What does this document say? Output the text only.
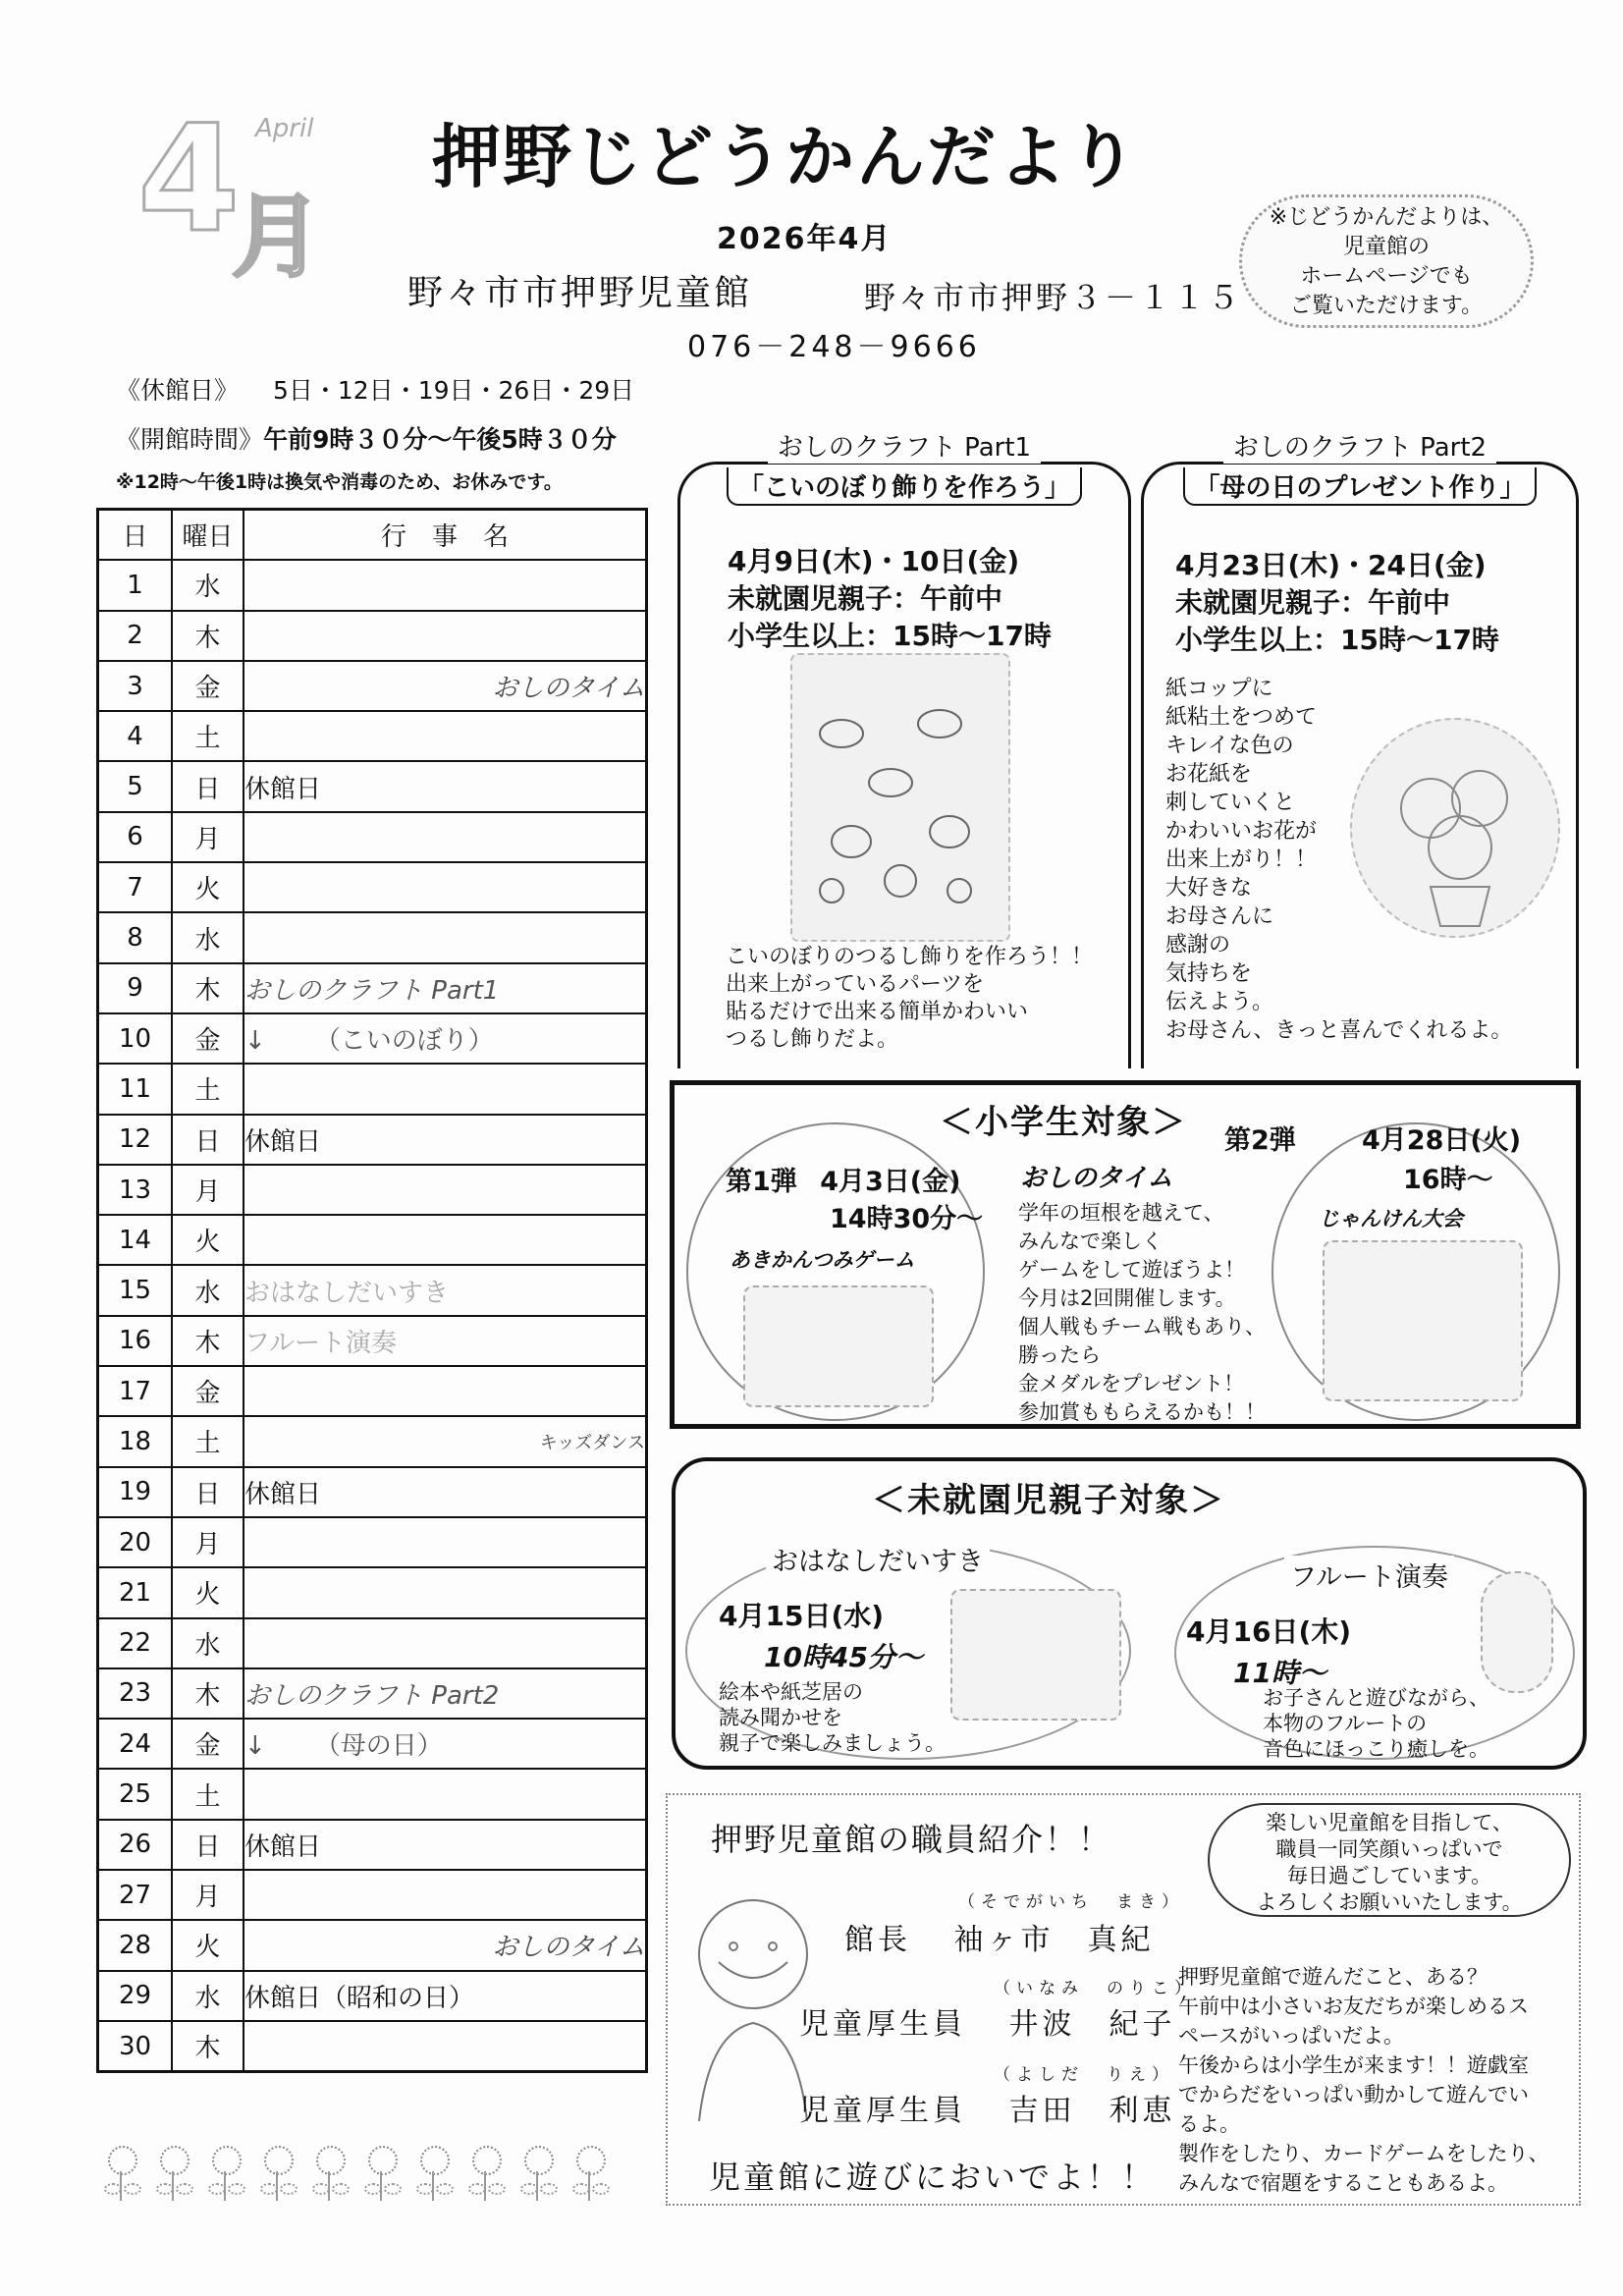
4 April
月
押野じどうかんだより
2026年4月
野々市市押野児童館	野々市市押野３－１１５
076－248－9666
※じどうかんだよりは、
児童館の
ホームページでも
ご覧いただけます。
《休館日》 5日・12日・19日・26日・29日
《開館時間》午前9時３０分～午後5時３０分
※12時～午後1時は換気や消毒のため、お休みです。
日	曜日	行　事　名
1	水	
2	木	
3	金	おしのタイム
4	土	
5	日	休館日
6	月	
7	火	
8	水	
9	木	おしのクラフト Part1
10	金	↓ （こいのぼり）
11	土	
12	日	休館日
13	月	
14	火	
15	水	おはなしだいすき
16	木	フルート演奏
17	金	
18	土	キッズダンス
19	日	休館日
20	月	
21	火	
22	水	
23	木	おしのクラフト Part2
24	金	↓ （母の日）
25	土	
26	日	休館日
27	月	
28	火	おしのタイム
29	水	休館日（昭和の日）
30	木	
おしのクラフト Part1
「こいのぼり飾りを作ろう」
4月9日(木)・10日(金)
未就園児親子：午前中
小学生以上：15時～17時
こいのぼりのつるし飾りを作ろう！！
出来上がっているパーツを
貼るだけで出来る簡単かわいい
つるし飾りだよ。
おしのクラフト Part2
「母の日のプレゼント作り」
4月23日(木)・24日(金)
未就園児親子：午前中
小学生以上：15時～17時
紙コップに
紙粘土をつめて
キレイな色の
お花紙を
刺していくと
かわいいお花が
出来上がり！！
大好きな
お母さんに
感謝の
気持ちを
伝えよう。
お母さん、きっと喜んでくれるよ。
＜小学生対象＞
第1弾 4月3日(金)
14時30分～
あきかんつみゲーム
おしのタイム
学年の垣根を越えて、
みんなで楽しく
ゲームをして遊ぼうよ！
今月は2回開催します。
個人戦もチーム戦もあり、
勝ったら
金メダルをプレゼント！
参加賞ももらえるかも！！
第2弾 4月28日(火)
16時～
じゃんけん大会
＜未就園児親子対象＞
おはなしだいすき
4月15日(水)
10時45分～
絵本や紙芝居の
読み聞かせを
親子で楽しみましょう。
フルート演奏
4月16日(木)
11時～
お子さんと遊びながら、
本物のフルートの
音色にほっこり癒しを。
押野児童館の職員紹介！！	楽しい児童館を目指して、
職員一同笑顔いっぱいで
毎日過ごしています。
よろしくお願いいたします。
（そでがいち　まき）
館長 袖ヶ市　真紀
（いなみ　のりこ）
児童厚生員 井波　紀子
（よしだ　りえ）
児童厚生員 吉田　利恵
押野児童館で遊んだこと、ある？
午前中は小さいお友だちが楽しめるス
ペースがいっぱいだよ。
午後からは小学生が来ます！！遊戯室
でからだをいっぱい動かして遊んでい
るよ。
製作をしたり、カードゲームをしたり、
みんなで宿題をすることもあるよ。
児童館に遊びにおいでよ！！
